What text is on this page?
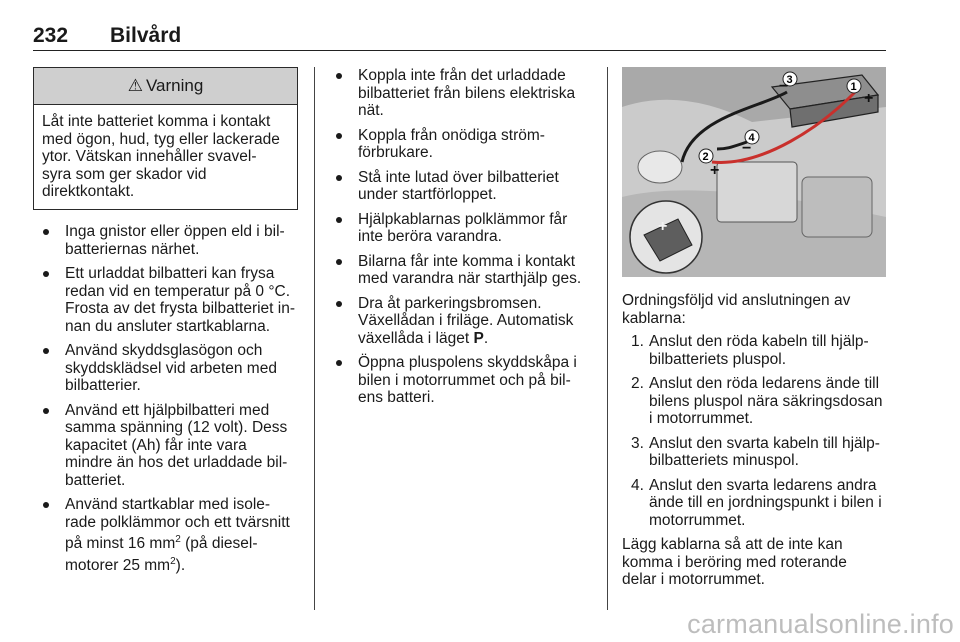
232 Bilvård
⚠ Varning
Låt inte batteriet komma i kontakt
med ögon, hud, tyg eller lackerade
ytor. Vätskan innehåller svavel-
syra som ger skador vid
direktkontakt.
Inga gnistor eller öppen eld i bil-
batteriernas närhet.
Ett urladdat bilbatteri kan frysa
redan vid en temperatur på 0 °C.
Frosta av det frysta bilbatteriet in-
nan du ansluter startkablarna.
Använd skyddsglasögon och
skyddsklädsel vid arbeten med
bilbatterier.
Använd ett hjälpbilbatteri med
samma spänning (12 volt). Dess
kapacitet (Ah) får inte vara
mindre än hos det urladdade bil-
batteriet.
Använd startkablar med isole-
rade polklämmor och ett tvärsnitt
på minst 16 $mm^2$ (på diesel-
motorer 25 $mm^2$).
Koppla inte från det urladdade
bilbatteriet från bilens elektriska
nät.
Koppla från onödiga ström-
förbrukare.
Stå inte lutad över bilbatteriet
under startförloppet.
Hjälpkablarnas polklämmor får
inte beröra varandra.
Bilarna får inte komma i kontakt
med varandra när starthjälp ges.
Dra åt parkeringsbromsen.
Växellådan i friläge. Automatisk
växellåda i läget P.
Öppna pluspolens skyddskåpa i
bilen i motorrummet och på bil-
ens batteri.
1
2
3
4
+
+
−
−
+

Ordningsföljd vid anslutningen av
kablarna:

1. Anslut den röda kabeln till hjälp-
bilbatteriets pluspol.
2. Anslut den röda ledarens ände till
bilens pluspol nära säkringsdosan
i motorrummet.
3. Anslut den svarta kabeln till hjälp-
bilbatteriets minuspol.
4. Anslut den svarta ledarens andra
ände till en jordningspunkt i bilen i
motorrummet.

Lägg kablarna så att de inte kan
komma i beröring med roterande
delar i motorrummet.

carmanualsonline.info
